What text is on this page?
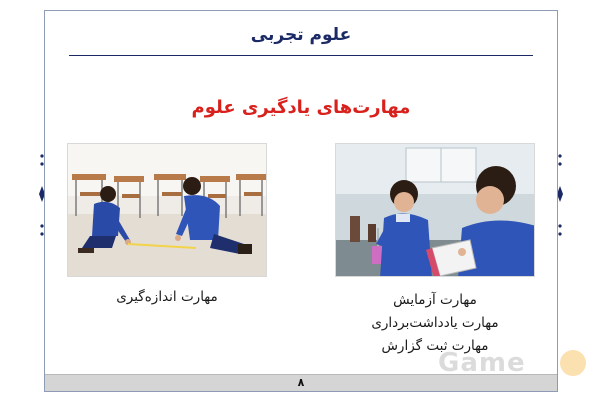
علوم تجربی
مهارت‌های یادگیری علوم
مهارت اندازه‌گیری	مهارت آزمایش
مهارت یادداشت‌برداری
مهارت ثبت گزارش
۸
Game
